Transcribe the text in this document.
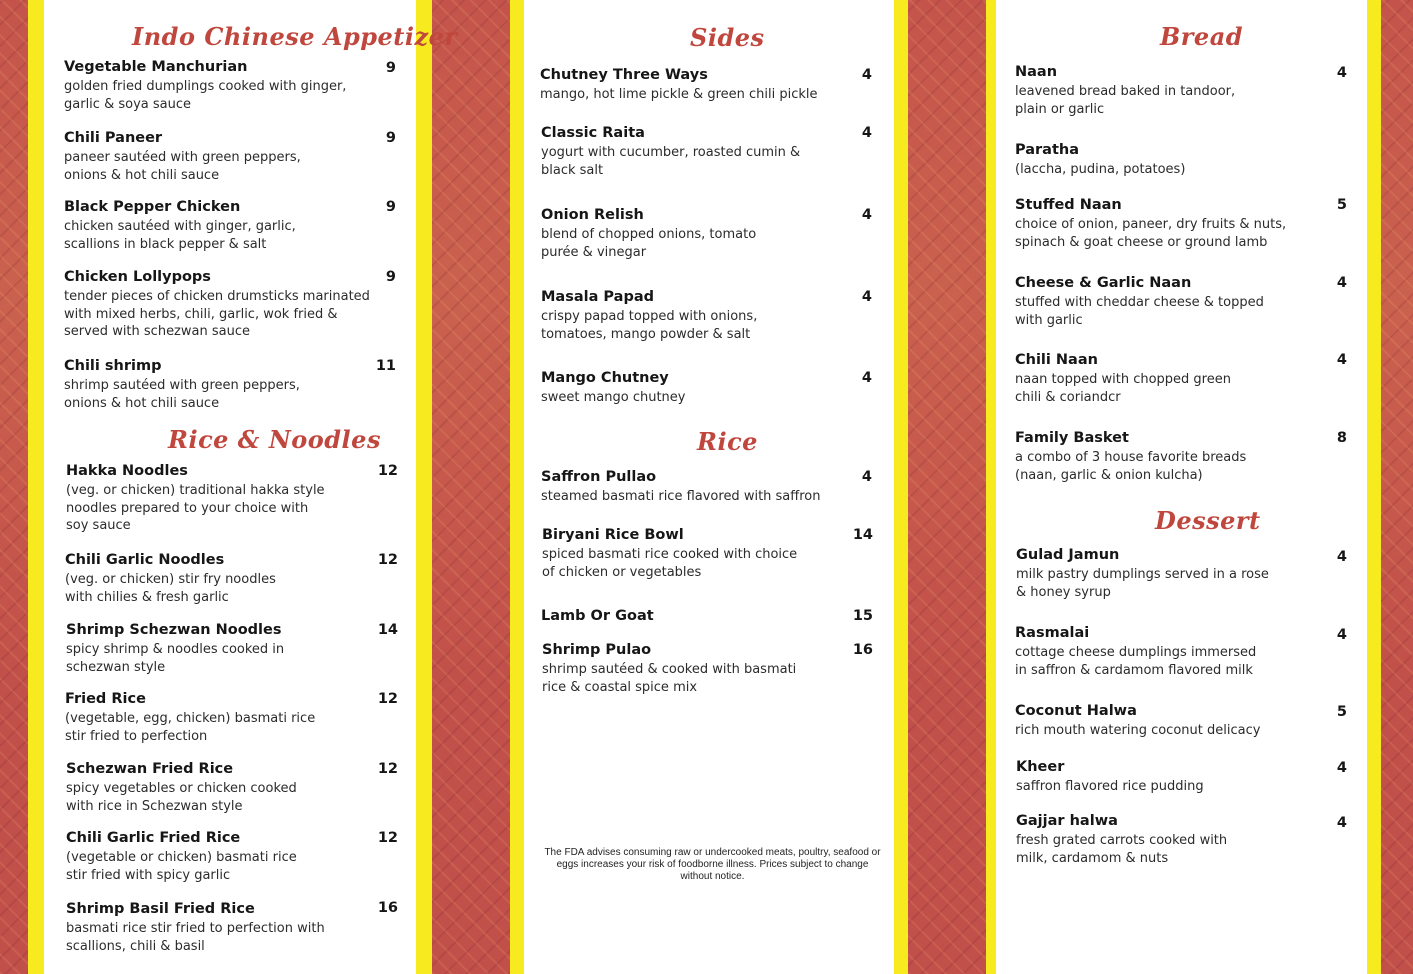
Indo Chinese Appetizer
Vegetable Manchurian
golden fried dumplings cooked with ginger, garlic & soya sauce
9
Chili Paneer
paneer sautéed with green peppers, onions & hot chili sauce
9
Black Pepper Chicken
chicken sautéed with ginger, garlic, scallions in black pepper & salt
9
Chicken Lollypops
tender pieces of chicken drumsticks marinated with mixed herbs, chili, garlic, wok fried & served with schezwan sauce
9
Chili shrimp
shrimp sautéed with green peppers, onions & hot chili sauce
11
Rice & Noodles
Hakka Noodles
(veg. or chicken) traditional hakka style noodles prepared to your choice with soy sauce
12
Chili Garlic Noodles
(veg. or chicken) stir fry noodles with chilies & fresh garlic
12
Shrimp Schezwan Noodles
spicy shrimp & noodles cooked in schezwan style
14
Fried Rice
(vegetable, egg, chicken) basmati rice stir fried to perfection
12
Schezwan Fried Rice
spicy vegetables or chicken cooked with rice in Schezwan style
12
Chili Garlic Fried Rice
(vegetable or chicken) basmati rice stir fried with spicy garlic
12
Shrimp Basil Fried Rice
basmati rice stir fried to perfection with scallions, chili & basil
16
Sides
Chutney Three Ways
mango, hot lime pickle & green chili pickle
4
Classic Raita
yogurt with cucumber, roasted cumin & black salt
4
Onion Relish
blend of chopped onions, tomato purée & vinegar
4
Masala Papad
crispy papad topped with onions, tomatoes, mango powder & salt
4
Mango Chutney
sweet mango chutney
4
Rice
Saffron Pullao
steamed basmati rice flavored with saffron
4
Biryani Rice Bowl
spiced basmati rice cooked with choice of chicken or vegetables
14
Lamb Or Goat	15
Shrimp Pulao
shrimp sautéed & cooked with basmati rice & coastal spice mix
16
The FDA advises consuming raw or undercooked meats, poultry, seafood or eggs increases your risk of foodborne illness. Prices subject to change without notice.
Bread
Naan
leavened bread baked in tandoor, plain or garlic
4
Paratha
(laccha, pudina, potatoes)
Stuffed Naan
choice of onion, paneer, dry fruits & nuts, spinach & goat cheese or ground lamb
5
Cheese & Garlic Naan
stuffed with cheddar cheese & topped with garlic
4
Chili Naan
naan topped with chopped green chili & coriandcr
4
Family Basket
a combo of 3 house favorite breads (naan, garlic & onion kulcha)
8
Dessert
Gulad Jamun
milk pastry dumplings served in a rose & honey syrup
4
Rasmalai
cottage cheese dumplings immersed in saffron & cardamom flavored milk
4
Coconut Halwa
rich mouth watering coconut delicacy
5
Kheer
saffron flavored rice pudding
4
Gajjar halwa
fresh grated carrots cooked with milk, cardamom & nuts
4
